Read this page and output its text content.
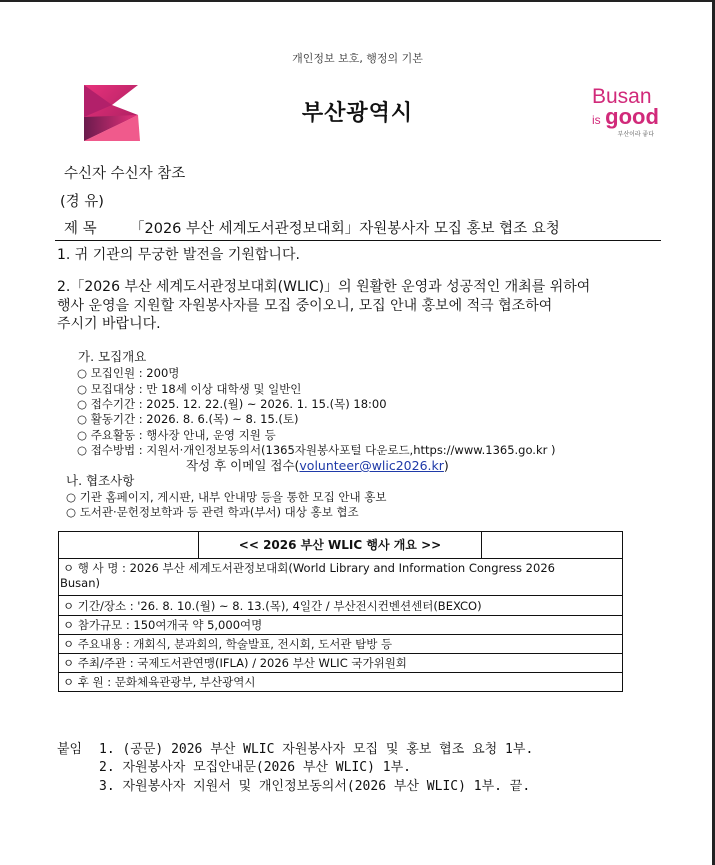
개인정보 보호, 행정의 기본
부산광역시
Busan
is good
부산이라 좋다
수신자 수신자 참조
(경 유)
제 목 「2026 부산 세계도서관정보대회」자원봉사자 모집 홍보 협조 요청
1. 귀 기관의 무궁한 발전을 기원합니다.
2.「2026 부산 세계도서관정보대회(WLIC)」의 원활한 운영과 성공적인 개최를 위하여
행사 운영을 지원할 자원봉사자를 모집 중이오니, 모집 안내 홍보에 적극 협조하여
주시기 바랍니다.
가. 모집개요
○ 모집인원 : 200명
○ 모집대상 : 만 18세 이상 대학생 및 일반인
○ 접수기간 : 2025. 12. 22.(월) ~ 2026. 1. 15.(목) 18:00
○ 활동기간 : 2026. 8. 6.(목) ~ 8. 15.(토)
○ 주요활동 : 행사장 안내, 운영 지원 등
○ 접수방법 : 지원서·개인정보동의서(1365자원봉사포털 다운로드,https://www.1365.go.kr )
작성 후 이메일 접수(volunteer@wlic2026.kr)
나. 협조사항
○ 기관 홈페이지, 게시판, 내부 안내망 등을 통한 모집 안내 홍보
○ 도서관·문헌정보학과 등 관련 학과(부서) 대상 홍보 협조
<< 2026 부산 WLIC 행사 개요 >>
ㅇ 행 사 명 : 2026 부산 세계도서관정보대회(World Library and Information Congress 2026
Busan)
ㅇ 기간/장소 : '26. 8. 10.(월) ~ 8. 13.(목), 4일간 / 부산전시컨벤션센터(BEXCO)
ㅇ 참가규모 : 150여개국 약 5,000여명
ㅇ 주요내용 : 개회식, 분과회의, 학술발표, 전시회, 도서관 탐방 등
ㅇ 주최/주관 : 국제도서관연맹(IFLA) / 2026 부산 WLIC 국가위원회
ㅇ 후 원 : 문화체육관광부, 부산광역시
붙임 1. (공문) 2026 부산 WLIC 자원봉사자 모집 및 홍보 협조 요청 1부.
2. 자원봉사자 모집안내문(2026 부산 WLIC) 1부.
3. 자원봉사자 지원서 및 개인정보동의서(2026 부산 WLIC) 1부. 끝.
